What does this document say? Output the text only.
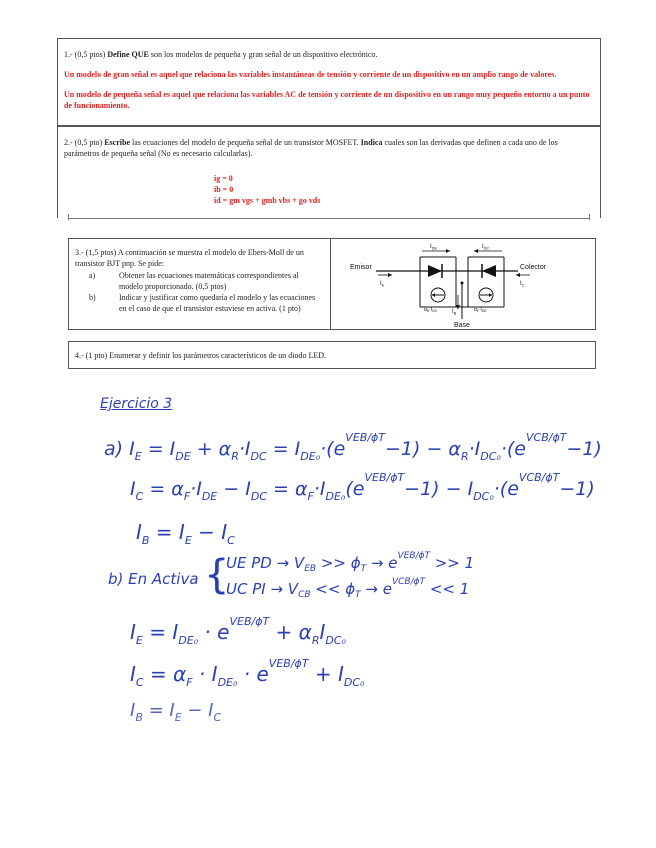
1.- (0,5 ptos) Define QUE son los modelos de pequeña y gran señal de un dispositivo electrónico.
Un modelo de gran señal es aquel que relaciona las variables instantáneas de tensión y corriente de un dispositivo en un amplio rango de valores.
Un modelo de pequeña señal es aquel que relaciona las variables AC de tensión y corriente de un dispositivo en un rango muy pequeño entorno a un punto de funcionamiento.
2.- (0,5 pto) Escribe las ecuaciones del modelo de pequeña señal de un transistor MOSFET. Indica cuales son las derivadas que definen a cada uno de los parámetros de pequeña señal (No es necesario calcularlas).
ig = 0
ib = 0
id = gm vgs + gmb vbs + go vds
3.- (1,5 ptos) A continuación se muestra el modelo de Ebers-Moll de un transistor BJT pnp. Se pide:
a)	Obtener las ecuaciones matemáticas correspondientes al modelo proporcionado. (0,5 ptos)
b)	Indicar y justificar como quedaría el modelo y las ecuaciones en el caso de que el transistor estuviese en activa. (1 pto)
Emisor	Colector
Base
$I_{DE}$	$I_{DC}$
$I_E$	$I_C$
$I_B$
$\alpha_R$ $I_{DC}$	$\alpha_F$ $I_{DE}$
4.- (1 pto) Enumerar y definir los parámetros característicos de un diodo LED.
Ejercicio 3
a) $I_E = I_{DE} + \alpha_R\cdot I_{DC} = I_{DE_0}\cdot(e^{VEB/\phi T}-1) - \alpha_R\cdot I_{DC_0}\cdot(e^{VCB/\phi T}-1)$
$I_C = \alpha_F\cdot I_{DE} - I_{DC} = \alpha_F\cdot I_{DE_0}(e^{VEB/\phi T}-1) - I_{DC_0}\cdot(e^{VCB/\phi T}-1)$
$I_B = I_E - I_C$
b) En Activa {
UE PD → $V_{EB} >> \phi_T \to e^{VEB/\phi T} >> 1$
UC PI → $V_{CB} << \phi_T \to e^{VCB/\phi T} << 1$
$I_E = I_{DE_0} \cdot e^{VEB/\phi T} + \alpha_RI_{DC_0}$
$I_C = \alpha_F \cdot I_{DE_0} \cdot e^{VEB/\phi T} + I_{DC_0}$
$I_B = I_E - I_C$
